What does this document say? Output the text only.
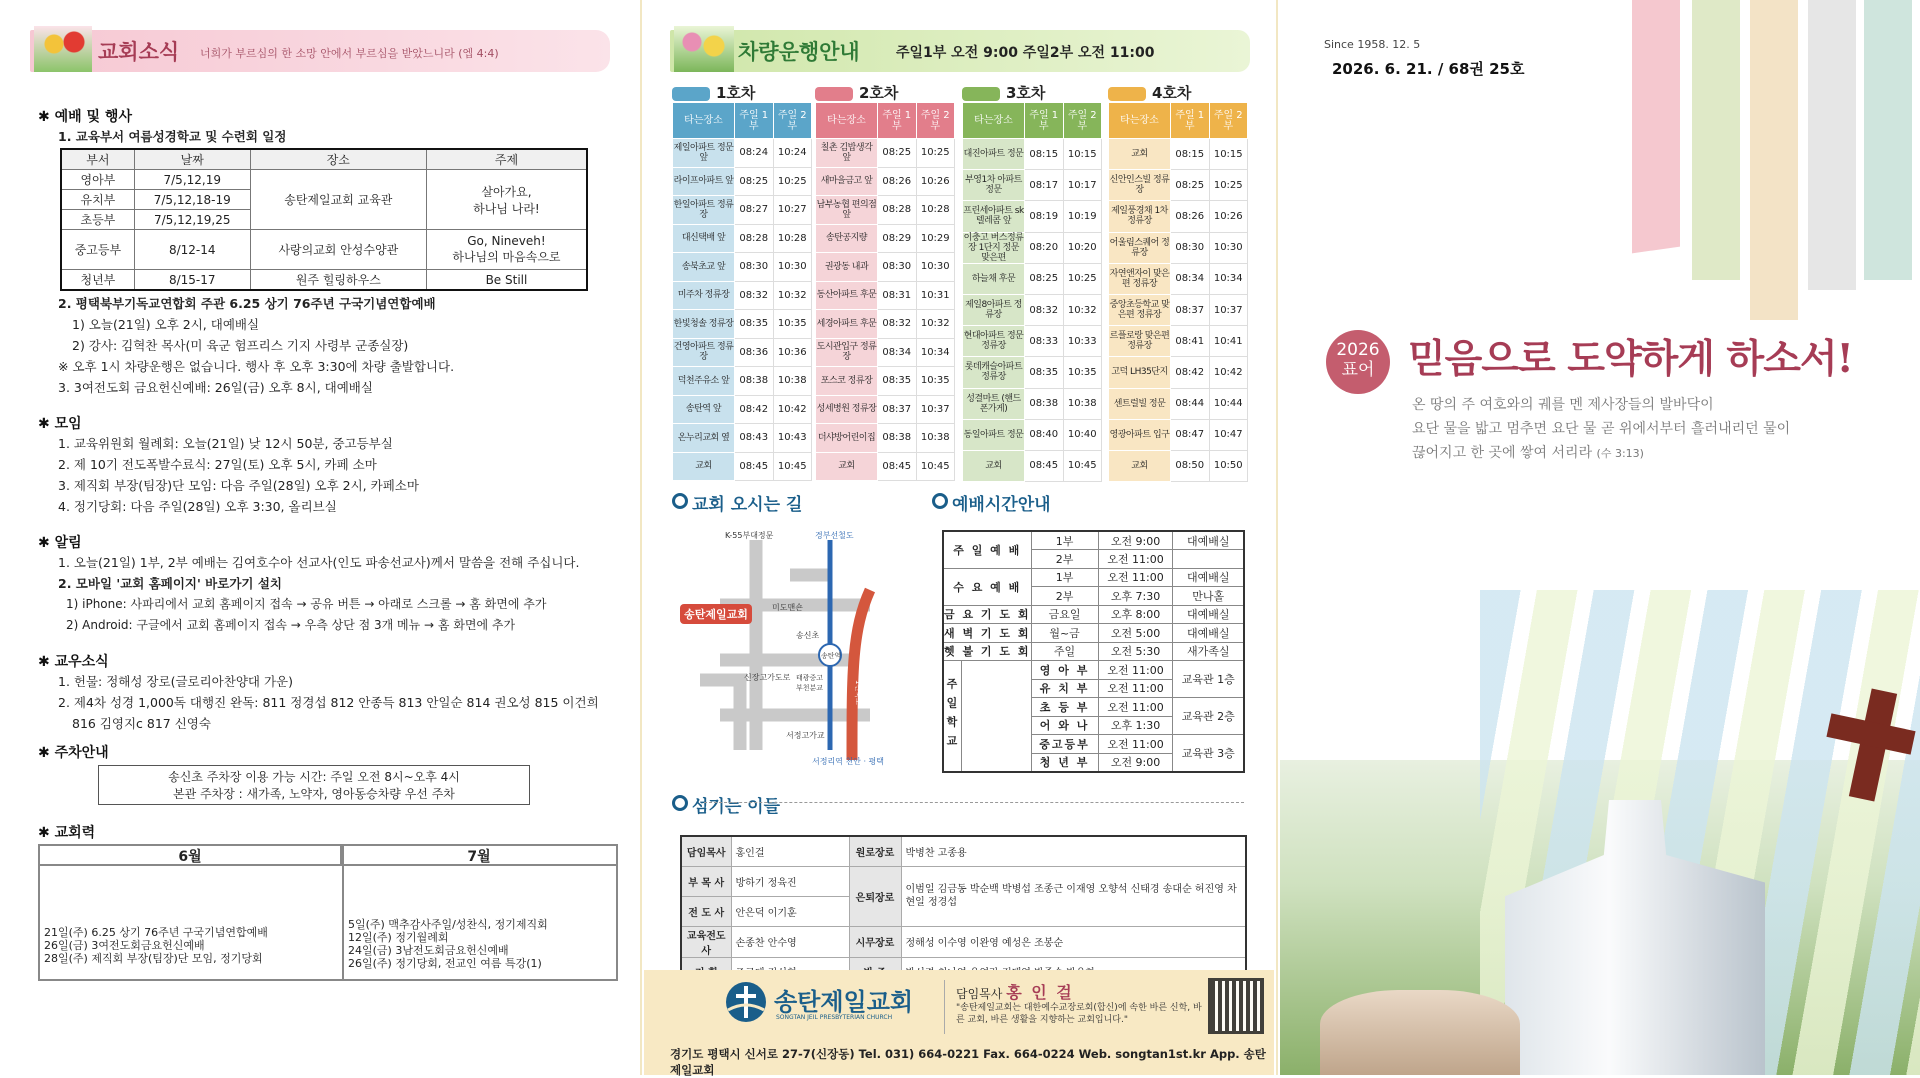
교회소식 너희가 부르심의 한 소망 안에서 부르심을 받았느니라 (엡 4:4)
✱ 예배 및 행사
1. 교육부서 여름성경학교 및 수련회 일정
부서	날짜	장소	주제
영아부	7/5,12,19	송탄제일교회 교육관	살아가요,
하나님 나라!

유치부	7/5,12,18-19		
초등부	7/5,12,19,25		
중고등부	8/12-14	사랑의교회 안성수양관	Go, Nineveh!
하나님의 마음속으로

청년부	8/15-17	원주 힐링하우스	Be Still
2. 평택북부기독교연합회 주관 6.25 상기 76주년 구국기념연합예배
1) 오늘(21일) 오후 2시, 대예배실
2) 강사: 김혁찬 목사(미 육군 험프리스 기지 사령부 군종실장)
※ 오후 1시 차량운행은 없습니다. 행사 후 오후 3:30에 차량 출발합니다.
3. 3여전도회 금요헌신예배: 26일(금) 오후 8시, 대예배실
✱ 모임
1. 교육위원회 월례회: 오늘(21일) 낮 12시 50분, 중고등부실
2. 제 10기 전도폭발수료식: 27일(토) 오후 5시, 카페 소마
3. 제직회 부장(팀장)단 모임: 다음 주일(28일) 오후 2시, 카페소마
4. 정기당회: 다음 주일(28일) 오후 3:30, 올리브실
✱ 알림
1. 오늘(21일) 1부, 2부 예배는 김여호수아 선교사(인도 파송선교사)께서 말씀을 전해 주십니다.
2. 모바일 '교회 홈페이지' 바로가기 설치
1) iPhone: 사파리에서 교회 홈페이지 접속 → 공유 버튼 → 아래로 스크롤 → 홈 화면에 추가
2) Android: 구글에서 교회 홈페이지 접속 → 우측 상단 점 3개 메뉴 → 홈 화면에 추가
✱ 교우소식
1. 헌물: 정해성 장로(글로리아찬양대 가운)
2. 제4차 성경 1,000독 대행진 완독: 811 정경섭 812 안종득 813 안일순 814 권오성 815 이건희
816 김영지c 817 신영숙
✱ 주차안내
송신초 주차장 이용 가능 시간: 주일 오전 8시~오후 4시
본관 주차장 : 새가족, 노약자, 영아동승차량 우선 주차
✱ 교회력
6월	7월
21일(주) 6.25 상기 76주년 구국기념연합예배
26일(금) 3여전도회금요헌신예배
28일(주) 제직회 부장(팀장)단 모임, 정기당회
5일(주) 맥추감사주일/성찬식, 정기제직회
12일(주) 정기월례회
24일(금) 3남전도회금요헌신예배
26일(주) 정기당회, 전교인 여름 특강(1)
차량운행안내	주일1부 오전 9:00 주일2부 오전 11:00
1호차
타는장소	주일 1부	주일 2부
제일아파트 정문 앞	08:24	10:24
라이프아파트 앞	08:25	10:25
한일아파트 정류장	08:27	10:27
대신택배 앞	08:28	10:28
송북초교 앞	08:30	10:30
미주차 정류장	08:32	10:32
한빛청솔 정류장	08:35	10:35
건영아파트 정류장	08:36	10:36
덕천주유소 앞	08:38	10:38
송탄역 앞	08:42	10:42
온누리교회 옆	08:43	10:43
교회	08:45	10:45
2호차
타는장소	주일 1부	주일 2부
칠촌 김밥생각 앞	08:25	10:25
새마을금고 앞	08:26	10:26
남부농협 편의점 앞	08:28	10:28
송탄공지량	08:29	10:29
권광동 내과	08:30	10:30
동산아파트 후문	08:31	10:31
세경아파트 후문	08:32	10:32
도시관입구 정류장	08:34	10:34
포스코 정류장	08:35	10:35
성세병원 정류장	08:37	10:37
더샤방어린이집	08:38	10:38
교회	08:45	10:45
3호차
타는장소	주일 1부	주일 2부
대진아파트 정문	08:15	10:15
부영1차 아파트 정문	08:17	10:17
프린세아파트 sk텔레콤 앞	08:19	10:19
이충고 버스정류장 1단지 정문 맞은편	08:20	10:20
하늘채 후문	08:25	10:25
제일8아파트 정류장	08:32	10:32
현대아파트 정문 정류장	08:33	10:33
롯데캐슬아파트 정류장	08:35	10:35
성결마트 (핸드폰가게)	08:38	10:38
동일아파트 정문	08:40	10:40
교회	08:45	10:45
4호차
타는장소	주일 1부	주일 2부
교회	08:15	10:15
신안인스빌 정류장	08:25	10:25
제일풍경채 1차 정류장	08:26	10:26
어울림스퀘어 정류장	08:30	10:30
자연앤자이 맞은편 정류장	08:34	10:34
중앙초등학교 맞은편 정류장	08:37	10:37
르플로랑 맞은편 정류장	08:41	10:41
고덕 LH35단지	08:42	10:42
센트럴빌 정문	08:44	10:44
영광아파트 입구	08:47	10:47
교회	08:50	10:50
교회 오시는 길	예배시간안내
송탄제일교회
K-55부대정문	경부선철도
미도맨숀
송신초
송탄역
신장고가도로 태광중고
부천분교
서정고가교
서정리역 천안 · 평택
1번국도
주 일 예 배	1부	오전 9:00	대예배실
	2부	오전 11:00	
수 요 예 배	1부	오전 11:00	대예배실
	2부	오후 7:30	만나홀
금 요 기 도 회	금요일	오후 8:00	대예배실
새 벽 기 도 회	월~금	오전 5:00	대예배실
헷 불 기 도 회	주일	오전 5:30	새가족실

주일학교	영 아 부	오전 11:00	교육관 1층
	유 치 부	오전 11:00	
	초 등 부	오전 11:00	교육관 2층
	어 와 나	오후 1:30	
	중고등부	오전 11:00	교육관 3층
	청 년 부	오전 9:00	
섬기는 이들
담임목사	홍인걸	원로장로	박병찬 고종용
부 목 사	방하기 정육진	은퇴장로	이범일 김금동 박순백 박병섭 조종근 이재영 오향석 신태경 송대순 허진영 차현일 정경섭
전 도 사	안은덕 이기훈		
교육전도사	손종찬 안수영	시무장로	정해성 이수영 이완영 예성은 조봉순

송탄제일교회
SONGTAN JEIL PRESBYTERIAN CHURCH
담임목사 홍 인 걸
"송탄제일교회는 대한예수교장로회(합신)에 속한 바른 신학, 바른 교회, 바른 생활을 지향하는 교회입니다."
경기도 평택시 신서로 27-7(신장동) Tel. 031) 664-0221 Fax. 664-0224 Web. songtan1st.kr App. 송탄제일교회
Since 1958. 12. 5
2026. 6. 21. / 68권 25호
2026
표어 믿음으로 도약하게 하소서!
온 땅의 주 여호와의 궤를 멘 제사장들의 발바닥이
요단 물을 밟고 멈추면 요단 물 곧 위에서부터 흘러내리던 물이
끊어지고 한 곳에 쌓여 서리라 (수 3:13)
